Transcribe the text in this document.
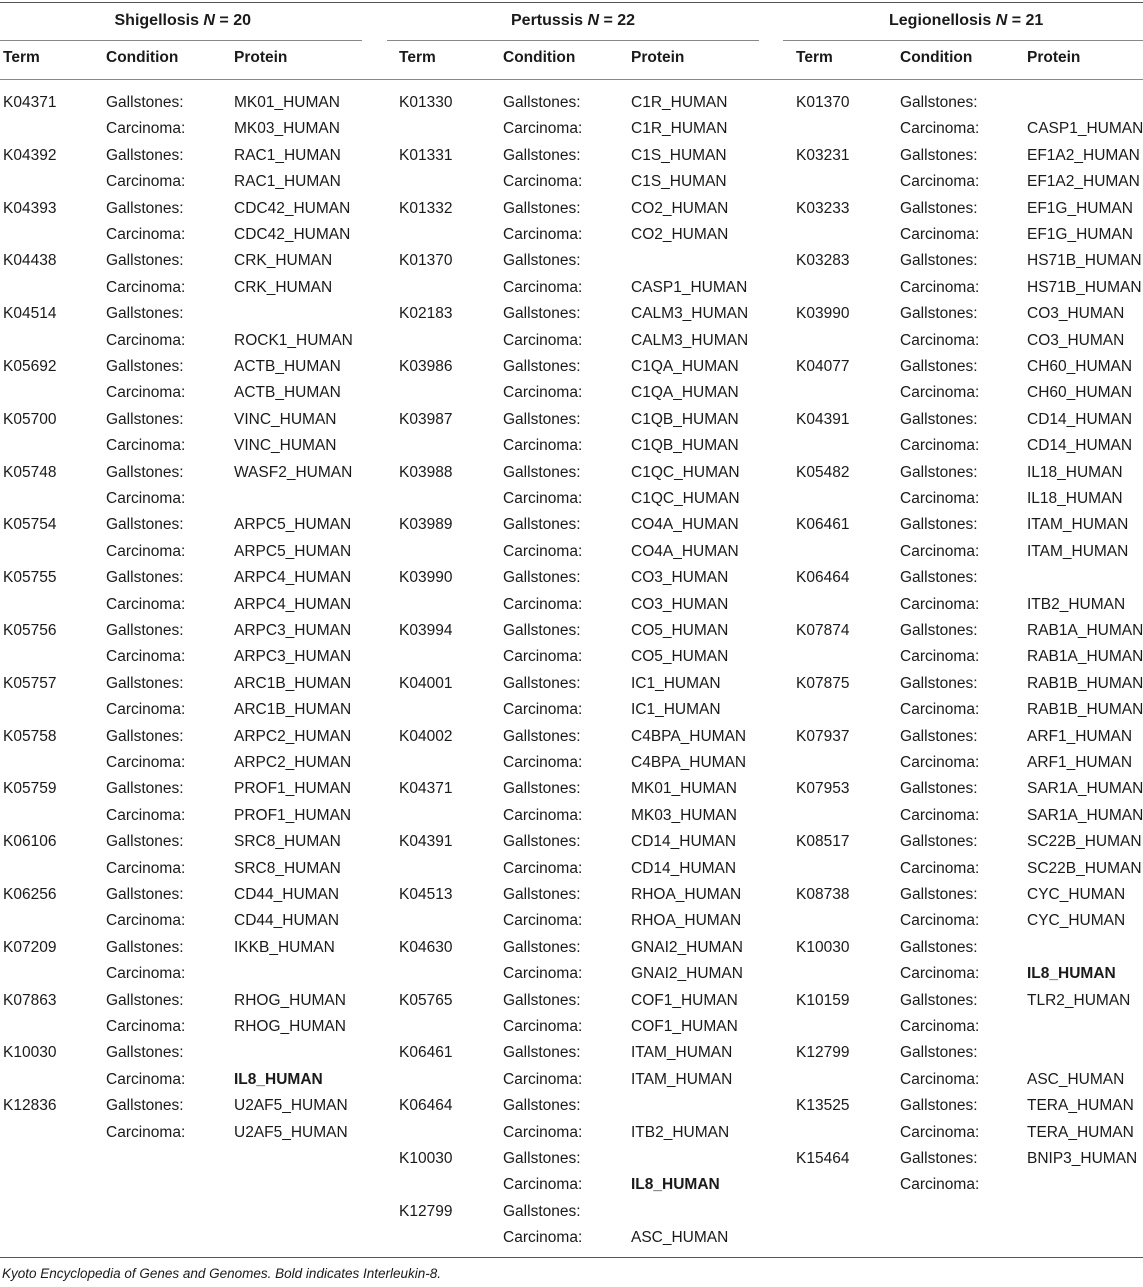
Shigellosis N = 20
Term	Condition	Protein
K04371	Gallstones:	MK01_HUMAN
Carcinoma:	MK03_HUMAN
K04392	Gallstones:	RAC1_HUMAN
Carcinoma:	RAC1_HUMAN
K04393	Gallstones:	CDC42_HUMAN
Carcinoma:	CDC42_HUMAN
K04438	Gallstones:	CRK_HUMAN
Carcinoma:	CRK_HUMAN
K04514	Gallstones:
Carcinoma:	ROCK1_HUMAN
K05692	Gallstones:	ACTB_HUMAN
Carcinoma:	ACTB_HUMAN
K05700	Gallstones:	VINC_HUMAN
Carcinoma:	VINC_HUMAN
K05748	Gallstones:	WASF2_HUMAN
Carcinoma:
K05754	Gallstones:	ARPC5_HUMAN
Carcinoma:	ARPC5_HUMAN
K05755	Gallstones:	ARPC4_HUMAN
Carcinoma:	ARPC4_HUMAN
K05756	Gallstones:	ARPC3_HUMAN
Carcinoma:	ARPC3_HUMAN
K05757	Gallstones:	ARC1B_HUMAN
Carcinoma:	ARC1B_HUMAN
K05758	Gallstones:	ARPC2_HUMAN
Carcinoma:	ARPC2_HUMAN
K05759	Gallstones:	PROF1_HUMAN
Carcinoma:	PROF1_HUMAN
K06106	Gallstones:	SRC8_HUMAN
Carcinoma:	SRC8_HUMAN
K06256	Gallstones:	CD44_HUMAN
Carcinoma:	CD44_HUMAN
K07209	Gallstones:	IKKB_HUMAN
Carcinoma:
K07863	Gallstones:	RHOG_HUMAN
Carcinoma:	RHOG_HUMAN
K10030	Gallstones:
Carcinoma:	IL8_HUMAN
K12836	Gallstones:	U2AF5_HUMAN
Carcinoma:	U2AF5_HUMAN
Pertussis N = 22
Term	Condition	Protein
K01330	Gallstones:	C1R_HUMAN
Carcinoma:	C1R_HUMAN
K01331	Gallstones:	C1S_HUMAN
Carcinoma:	C1S_HUMAN
K01332	Gallstones:	CO2_HUMAN
Carcinoma:	CO2_HUMAN
K01370	Gallstones:
Carcinoma:	CASP1_HUMAN
K02183	Gallstones:	CALM3_HUMAN
Carcinoma:	CALM3_HUMAN
K03986	Gallstones:	C1QA_HUMAN
Carcinoma:	C1QA_HUMAN
K03987	Gallstones:	C1QB_HUMAN
Carcinoma:	C1QB_HUMAN
K03988	Gallstones:	C1QC_HUMAN
Carcinoma:	C1QC_HUMAN
K03989	Gallstones:	CO4A_HUMAN
Carcinoma:	CO4A_HUMAN
K03990	Gallstones:	CO3_HUMAN
Carcinoma:	CO3_HUMAN
K03994	Gallstones:	CO5_HUMAN
Carcinoma:	CO5_HUMAN
K04001	Gallstones:	IC1_HUMAN
Carcinoma:	IC1_HUMAN
K04002	Gallstones:	C4BPA_HUMAN
Carcinoma:	C4BPA_HUMAN
K04371	Gallstones:	MK01_HUMAN
Carcinoma:	MK03_HUMAN
K04391	Gallstones:	CD14_HUMAN
Carcinoma:	CD14_HUMAN
K04513	Gallstones:	RHOA_HUMAN
Carcinoma:	RHOA_HUMAN
K04630	Gallstones:	GNAI2_HUMAN
Carcinoma:	GNAI2_HUMAN
K05765	Gallstones:	COF1_HUMAN
Carcinoma:	COF1_HUMAN
K06461	Gallstones:	ITAM_HUMAN
Carcinoma:	ITAM_HUMAN
K06464	Gallstones:
Carcinoma:	ITB2_HUMAN
K10030	Gallstones:
Carcinoma:	IL8_HUMAN
K12799	Gallstones:
Carcinoma:	ASC_HUMAN
Legionellosis N = 21
Term	Condition	Protein
K01370	Gallstones:
Carcinoma:	CASP1_HUMAN
K03231	Gallstones:	EF1A2_HUMAN
Carcinoma:	EF1A2_HUMAN
K03233	Gallstones:	EF1G_HUMAN
Carcinoma:	EF1G_HUMAN
K03283	Gallstones:	HS71B_HUMAN
Carcinoma:	HS71B_HUMAN
K03990	Gallstones:	CO3_HUMAN
Carcinoma:	CO3_HUMAN
K04077	Gallstones:	CH60_HUMAN
Carcinoma:	CH60_HUMAN
K04391	Gallstones:	CD14_HUMAN
Carcinoma:	CD14_HUMAN
K05482	Gallstones:	IL18_HUMAN
Carcinoma:	IL18_HUMAN
K06461	Gallstones:	ITAM_HUMAN
Carcinoma:	ITAM_HUMAN
K06464	Gallstones:
Carcinoma:	ITB2_HUMAN
K07874	Gallstones:	RAB1A_HUMAN
Carcinoma:	RAB1A_HUMAN
K07875	Gallstones:	RAB1B_HUMAN
Carcinoma:	RAB1B_HUMAN
K07937	Gallstones:	ARF1_HUMAN
Carcinoma:	ARF1_HUMAN
K07953	Gallstones:	SAR1A_HUMAN
Carcinoma:	SAR1A_HUMAN
K08517	Gallstones:	SC22B_HUMAN
Carcinoma:	SC22B_HUMAN
K08738	Gallstones:	CYC_HUMAN
Carcinoma:	CYC_HUMAN
K10030	Gallstones:
Carcinoma:	IL8_HUMAN
K10159	Gallstones:	TLR2_HUMAN
Carcinoma:
K12799	Gallstones:
Carcinoma:	ASC_HUMAN
K13525	Gallstones:	TERA_HUMAN
Carcinoma:	TERA_HUMAN
K15464	Gallstones:	BNIP3_HUMAN
Carcinoma:
Kyoto Encyclopedia of Genes and Genomes. Bold indicates Interleukin-8.
